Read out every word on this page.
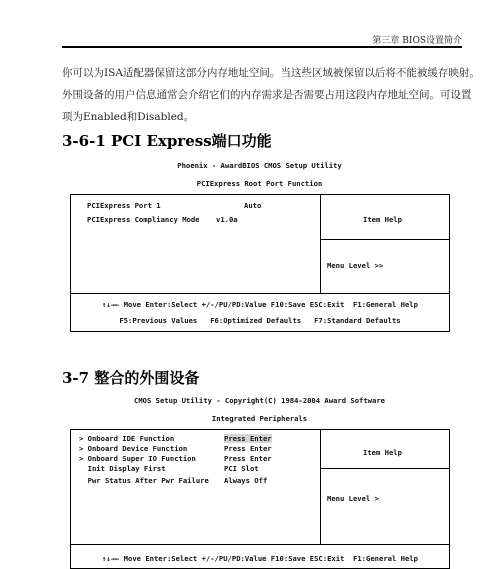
第三章 BIOS设置简介
你可以为ISA适配器保留这部分内存地址空间。当这些区域被保留以后将不能被缓存映射。
外围设备的用户信息通常会介绍它们的内存需求是否需要占用这段内存地址空间。可设置
项为Enabled和Disabled。
3-6-1 PCI Express端口功能
Phoenix - AwardBIOS CMOS Setup Utility
PCIExpress Root Port Function
PCIExpress Port 1	Auto
PCIExpress Compliancy Mode v1.0a	Item Help
Menu Level >>
↑↓→← Move Enter:Select +/-/PU/PD:Value F10:Save ESC:Exit  F1:General Help
F5:Previous Values   F6:Optimized Defaults   F7:Standard Defaults
3-7 整合的外围设备
CMOS Setup Utility - Copyright(C) 1984-2004 Award Software
Integrated Peripherals
> Onboard IDE Function	Press Enter
> Onboard Device Function	Press Enter
> Onboard Super IO Function	Press Enter
Init Display First	PCI Slot
Pwr Status After Pwr Failure Always Off
Item Help
Menu Level >
↑↓→← Move Enter:Select +/-/PU/PD:Value F10:Save ESC:Exit  F1:General Help
